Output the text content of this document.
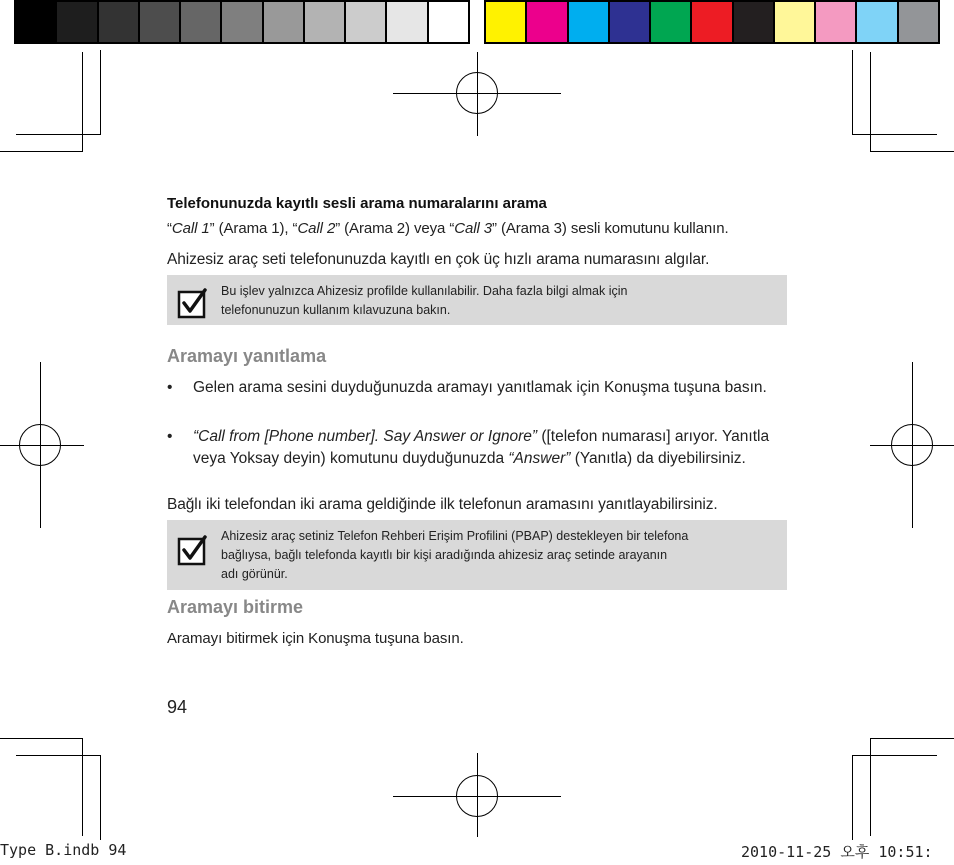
Telefonunuzda kayıtlı sesli arama numaralarını arama
“Call 1” (Arama 1), “Call 2” (Arama 2) veya “Call 3” (Arama 3) sesli komutunu kullanın.
Ahizesiz araç seti telefonunuzda kayıtlı en çok üç hızlı arama numarasını algılar.
Bu işlev yalnızca Ahizesiz profilde kullanılabilir. Daha fazla bilgi almak için
telefonunuzun kullanım kılavuzuna bakın.
Aramayı yanıtlama
• Gelen arama sesini duyduğunuzda aramayı yanıtlamak için Konuşma tuşuna basın.
• “Call from [Phone number]. Say Answer or Ignore” ([telefon numarası] arıyor. Yanıtla veya Yoksay deyin) komutunu duyduğunuzda “Answer” (Yanıtla) da diyebilirsiniz.
Bağlı iki telefondan iki arama geldiğinde ilk telefonun aramasını yanıtlayabilirsiniz.
Ahizesiz araç setiniz Telefon Rehberi Erişim Profilini (PBAP) destekleyen bir telefona
bağlıysa, bağlı telefonda kayıtlı bir kişi aradığında ahizesiz araç setinde arayanın
adı görünür.
Aramayı bitirme
Aramayı bitirmek için Konuşma tuşuna basın.
94
Type B.indb 94	2010-11-25 오후 10:51:
